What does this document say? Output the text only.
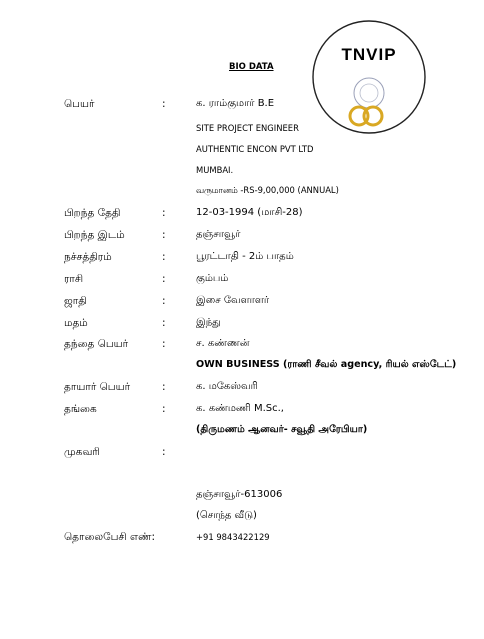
BIO DATA
TNVIP
பெயர்	:	க. ராம்குமார் B.E
SITE PROJECT ENGINEER
AUTHENTIC ENCON PVT LTD
MUMBAI.
வருமானம் -RS-9,00,000 (ANNUAL)
பிறந்த தேதி	:	12-03-1994 (மாசி-28)
பிறந்த இடம்	:	தஞ்சாவூர்
நச்சத்திரம்	:	பூரட்டாதி - 2ம் பாதம்
ராசி	:	கும்பம்
ஜாதி	:	இசை வேளாளர்
மதம்	:	இந்து
தந்தை பெயர்	:	ச. கண்ணன்
OWN BUSINESS (ராணி சீவல் agency, ரியல் எஸ்டேட்)
தாயார் பெயர்	:	க. மகேஸ்வரி
தங்கை	:	க. கண்மணி M.Sc.,
(திருமணம் ஆனவர்- சவூதி அரேபியா)
முகவரி	:
தஞ்சாவூர்-613006
(சொந்த வீடு)
தொலைபேசி எண்:	+91 9843422129
